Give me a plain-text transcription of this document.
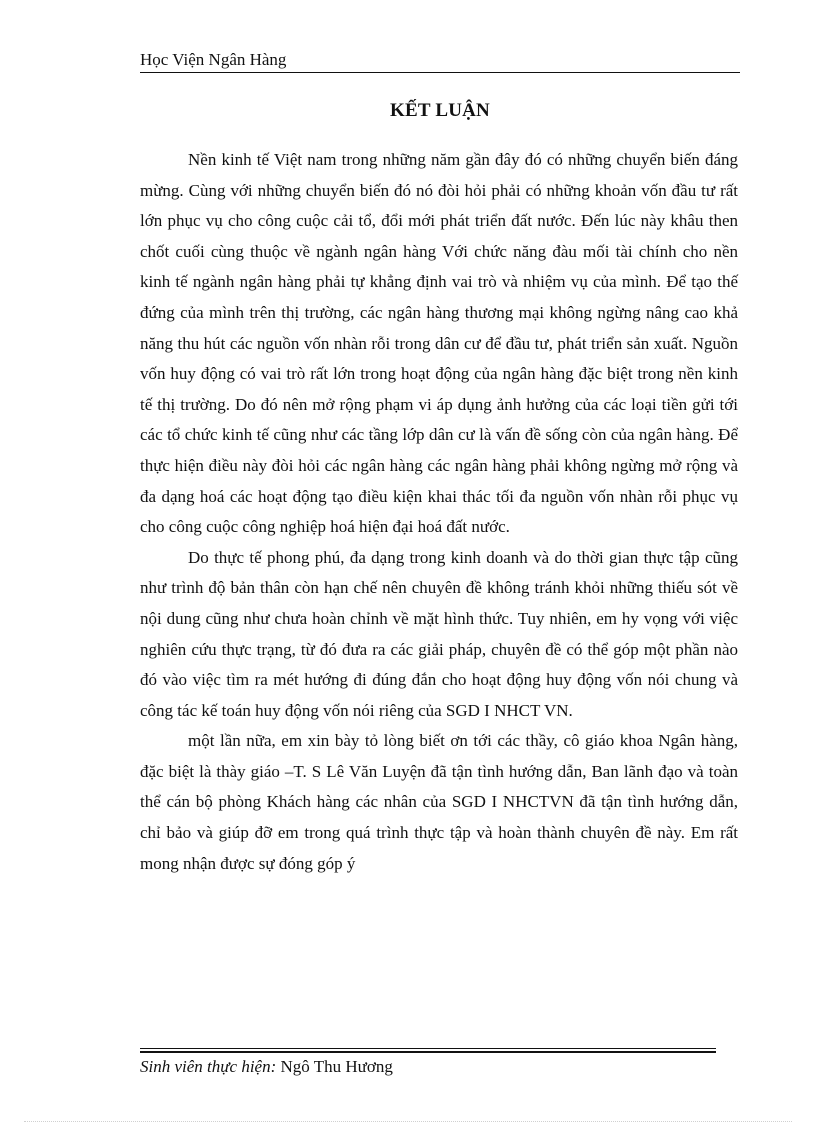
Học Viện Ngân Hàng
KẾT LUẬN

Nền kinh tế Việt nam trong những năm gần đây đó có những chuyển biến đáng mừng. Cùng với những chuyển biến đó nó đòi hỏi phải có những khoản vốn đầu tư rất lớn phục vụ cho công cuộc cải tổ, đổi mới phát triển đất nước. Đến lúc này khâu then chốt cuối cùng thuộc về ngành ngân hàng Với chức năng đàu mối tài chính cho nền kinh tế ngành ngân hàng phải tự khẳng định vai trò và nhiệm vụ của mình. Để tạo thế đứng của mình trên thị trường, các ngân hàng thương mại không ngừng nâng cao khả năng thu hút các nguồn vốn nhàn rỗi trong dân cư để đầu tư, phát triển sản xuất. Nguồn vốn huy động có vai trò rất lớn trong hoạt động của ngân hàng đặc biệt trong nền kinh tế thị trường. Do đó nên mở rộng phạm vi áp dụng ảnh hưởng của các loại tiền gửi tới các tổ chức kinh tế cũng như các tầng lớp dân cư là vấn đề sống còn của ngân hàng. Để thực hiện điều này đòi hỏi các ngân hàng các ngân hàng phải không ngừng mở rộng và đa dạng hoá các hoạt động tạo điều kiện khai thác tối đa nguồn vốn nhàn rỗi phục vụ cho công cuộc công nghiệp hoá hiện đại hoá đất nước.

Do thực tế phong phú, đa dạng trong kinh doanh và do thời gian thực tập cũng như trình độ bản thân còn hạn chế nên chuyên đề không tránh khỏi những thiếu sót về nội dung cũng như chưa hoàn chỉnh về mặt hình thức. Tuy nhiên, em hy vọng với việc nghiên cứu thực trạng, từ đó đưa ra các giải pháp, chuyên đề có thể góp một phần nào đó vào việc tìm ra mét hướng đi đúng đắn cho hoạt động huy động vốn nói chung và công tác kế toán huy động vốn nói riêng của SGD I NHCT VN.

một lần nữa, em xin bày tỏ lòng biết ơn tới các thầy, cô giáo khoa Ngân hàng, đặc biệt là thày giáo –T. S Lê Văn Luyện đã tận tình hướng dẫn, Ban lãnh đạo và toàn thể cán bộ phòng Khách hàng các nhân của SGD I NHCTVN đã tận tình hướng dẫn, chỉ bảo và giúp đỡ em trong quá trình thực tập và hoàn thành chuyên đề này. Em rất mong nhận được sự đóng góp ý

Sinh viên thực hiện: Ngô Thu Hương
